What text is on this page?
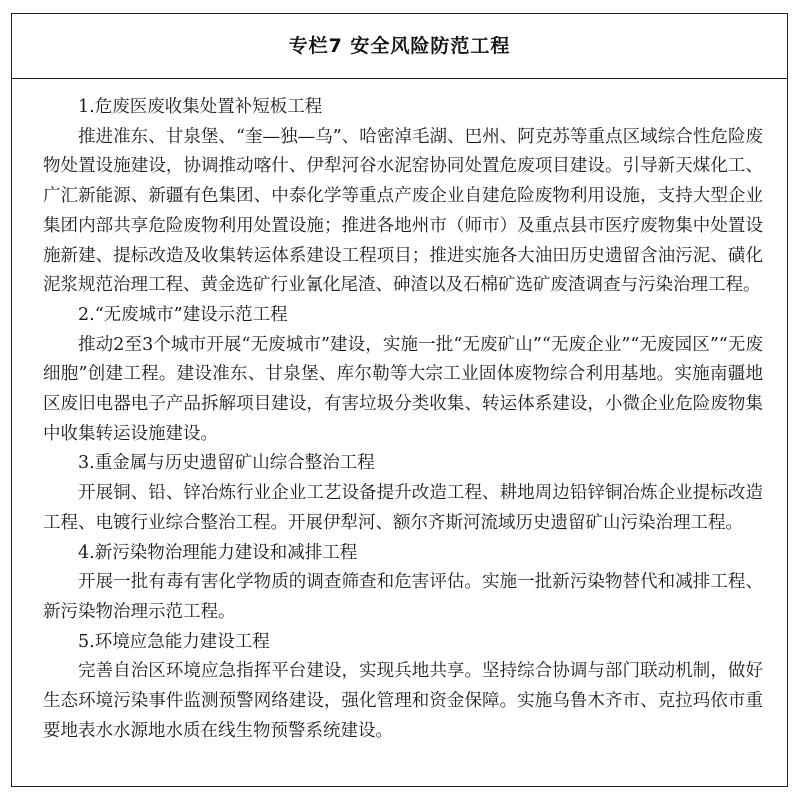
专栏7 安全风险防范工程
1.危废医废收集处置补短板工程
推进准东、甘泉堡、“奎—独—乌”、哈密淖毛湖、巴州、阿克苏等重点区域综合性危险废物处置设施建设，协调推动喀什、伊犁河谷水泥窑协同处置危废项目建设。引导新天煤化工、广汇新能源、新疆有色集团、中泰化学等重点产废企业自建危险废物利用设施，支持大型企业集团内部共享危险废物利用处置设施；推进各地州市（师市）及重点县市医疗废物集中处置设施新建、提标改造及收集转运体系建设工程项目；推进实施各大油田历史遗留含油污泥、磺化泥浆规范治理工程、黄金选矿行业氰化尾渣、砷渣以及石棉矿选矿废渣调查与污染治理工程。
2.“无废城市”建设示范工程
推动2至3个城市开展“无废城市”建设，实施一批“无废矿山”“无废企业”“无废园区”“无废细胞”创建工程。建设准东、甘泉堡、库尔勒等大宗工业固体废物综合利用基地。实施南疆地区废旧电器电子产品拆解项目建设，有害垃圾分类收集、转运体系建设，小微企业危险废物集中收集转运设施建设。
3.重金属与历史遗留矿山综合整治工程
开展铜、铅、锌冶炼行业企业工艺设备提升改造工程、耕地周边铅锌铜冶炼企业提标改造工程、电镀行业综合整治工程。开展伊犁河、额尔齐斯河流域历史遗留矿山污染治理工程。
4.新污染物治理能力建设和减排工程
开展一批有毒有害化学物质的调查筛查和危害评估。实施一批新污染物替代和减排工程、新污染物治理示范工程。
5.环境应急能力建设工程
完善自治区环境应急指挥平台建设，实现兵地共享。坚持综合协调与部门联动机制，做好生态环境污染事件监测预警网络建设，强化管理和资金保障。实施乌鲁木齐市、克拉玛依市重要地表水水源地水质在线生物预警系统建设。
